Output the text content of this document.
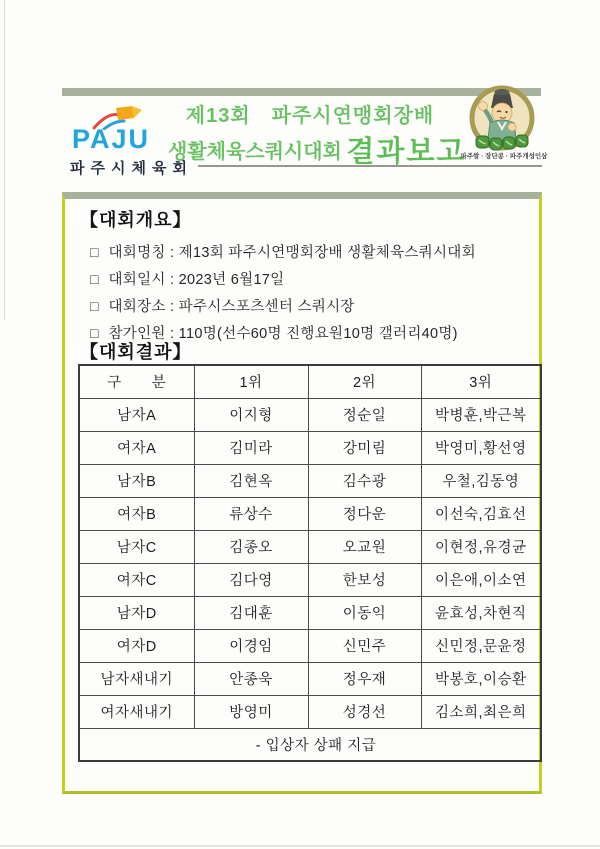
PAJU
파주시체육회
제13회　파주시연맹회장배
생활체육스쿼시대회 결과보고
파주쌀 · 장단콩 · 파주개성인삼
【대회개요】
□ 대회명칭 : 제13회 파주시연맹회장배 생활체육스쿼시대회
□ 대회일시 : 2023년 6월17일
□ 대회장소 : 파주시스포츠센터 스쿼시장
□ 참가인원 : 110명(선수60명 진행요원10명 갤러리40명)
【대회결과】
구　　분	1위	2위	3위
남자A	이지형	정순일	박병훈,박근복
여자A	김미라	강미림	박영미,황선영
남자B	김현옥	김수광	우철,김동영
여자B	류상수	정다운	이선숙,김효선
남자C	김종오	오교원	이현정,유경균
여자C	김다영	한보성	이은애,이소연
남자D	김대훈	이동익	윤효성,차현직
여자D	이경임	신민주	신민정,문윤정
남자새내기	안종욱	정우재	박봉호,이승환
여자새내기	방영미	성경선	김소희,최은희
- 입상자 상패 지급			
